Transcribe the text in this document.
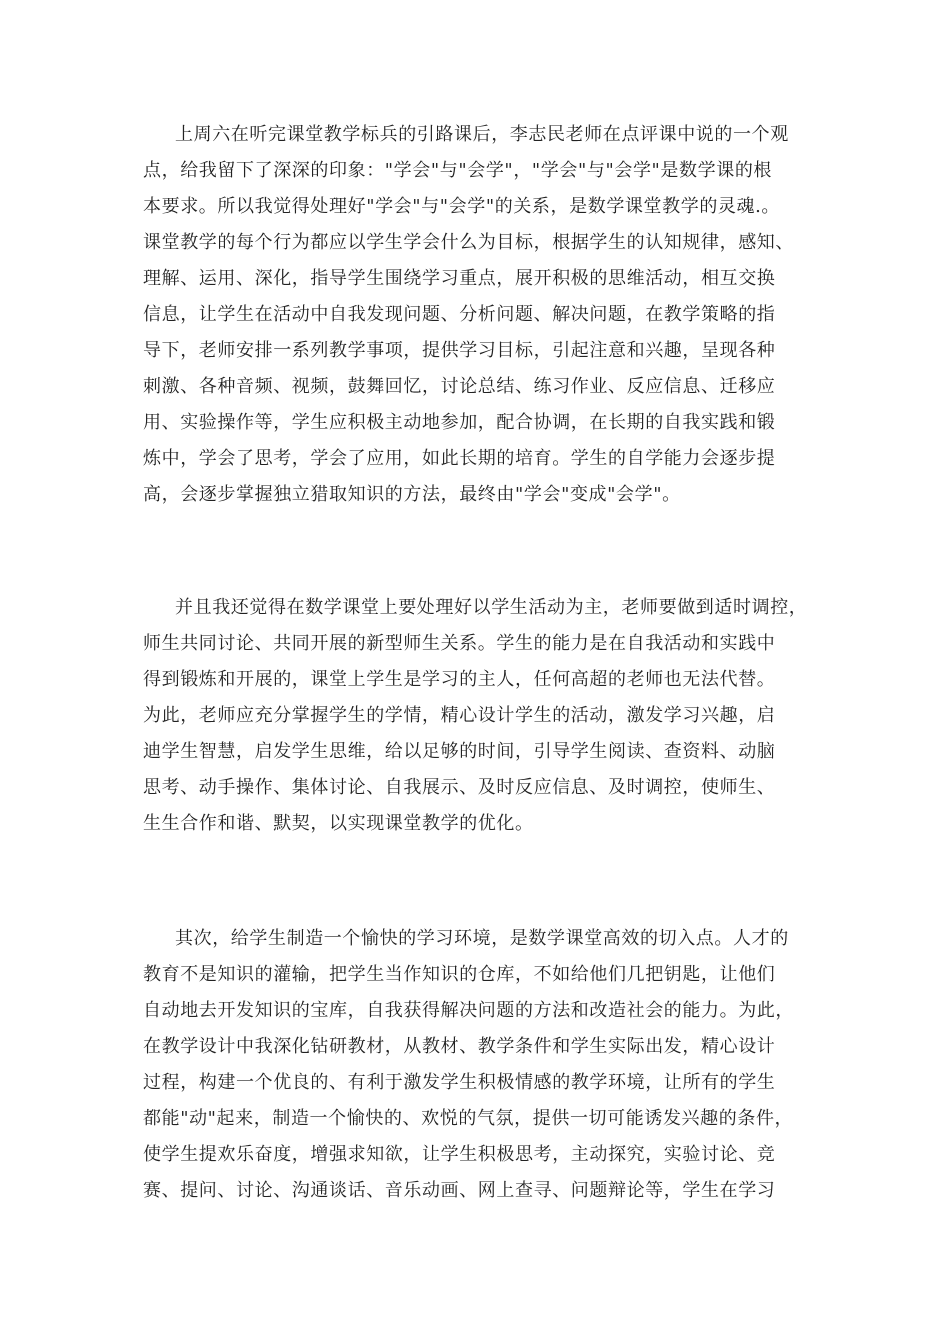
上周六在听完课堂教学标兵的引路课后，李志民老师在点评课中说的一个观
点，给我留下了深深的印象："学会"与"会学"，"学会"与"会学"是数学课的根
本要求。所以我觉得处理好"学会"与"会学"的关系，是数学课堂教学的灵魂.。
课堂教学的每个行为都应以学生学会什么为目标，根据学生的认知规律，感知、
理解、运用、深化，指导学生围绕学习重点，展开积极的思维活动，相互交换
信息，让学生在活动中自我发现问题、分析问题、解决问题，在教学策略的指
导下，老师安排一系列教学事项，提供学习目标，引起注意和兴趣，呈现各种
刺激、各种音频、视频，鼓舞回忆，讨论总结、练习作业、反应信息、迁移应
用、实验操作等，学生应积极主动地参加，配合协调，在长期的自我实践和锻
炼中，学会了思考，学会了应用，如此长期的培育。学生的自学能力会逐步提
高，会逐步掌握独立猎取知识的方法，最终由"学会"变成"会学"。
并且我还觉得在数学课堂上要处理好以学生活动为主，老师要做到适时调控，
师生共同讨论、共同开展的新型师生关系。学生的能力是在自我活动和实践中
得到锻炼和开展的，课堂上学生是学习的主人，任何高超的老师也无法代替。
为此，老师应充分掌握学生的学情，精心设计学生的活动，激发学习兴趣，启
迪学生智慧，启发学生思维，给以足够的时间，引导学生阅读、查资料、动脑
思考、动手操作、集体讨论、自我展示、及时反应信息、及时调控，使师生、
生生合作和谐、默契，以实现课堂教学的优化。
其次，给学生制造一个愉快的学习环境，是数学课堂高效的切入点。人才的
教育不是知识的灌输，把学生当作知识的仓库，不如给他们几把钥匙，让他们
自动地去开发知识的宝库，自我获得解决问题的方法和改造社会的能力。为此，
在教学设计中我深化钻研教材，从教材、教学条件和学生实际出发，精心设计
过程，构建一个优良的、有利于激发学生积极情感的教学环境，让所有的学生
都能"动"起来，制造一个愉快的、欢悦的气氛，提供一切可能诱发兴趣的条件，
使学生提欢乐奋度，增强求知欲，让学生积极思考，主动探究，实验讨论、竞
赛、提问、讨论、沟通谈话、音乐动画、网上查寻、问题辩论等，学生在学习
